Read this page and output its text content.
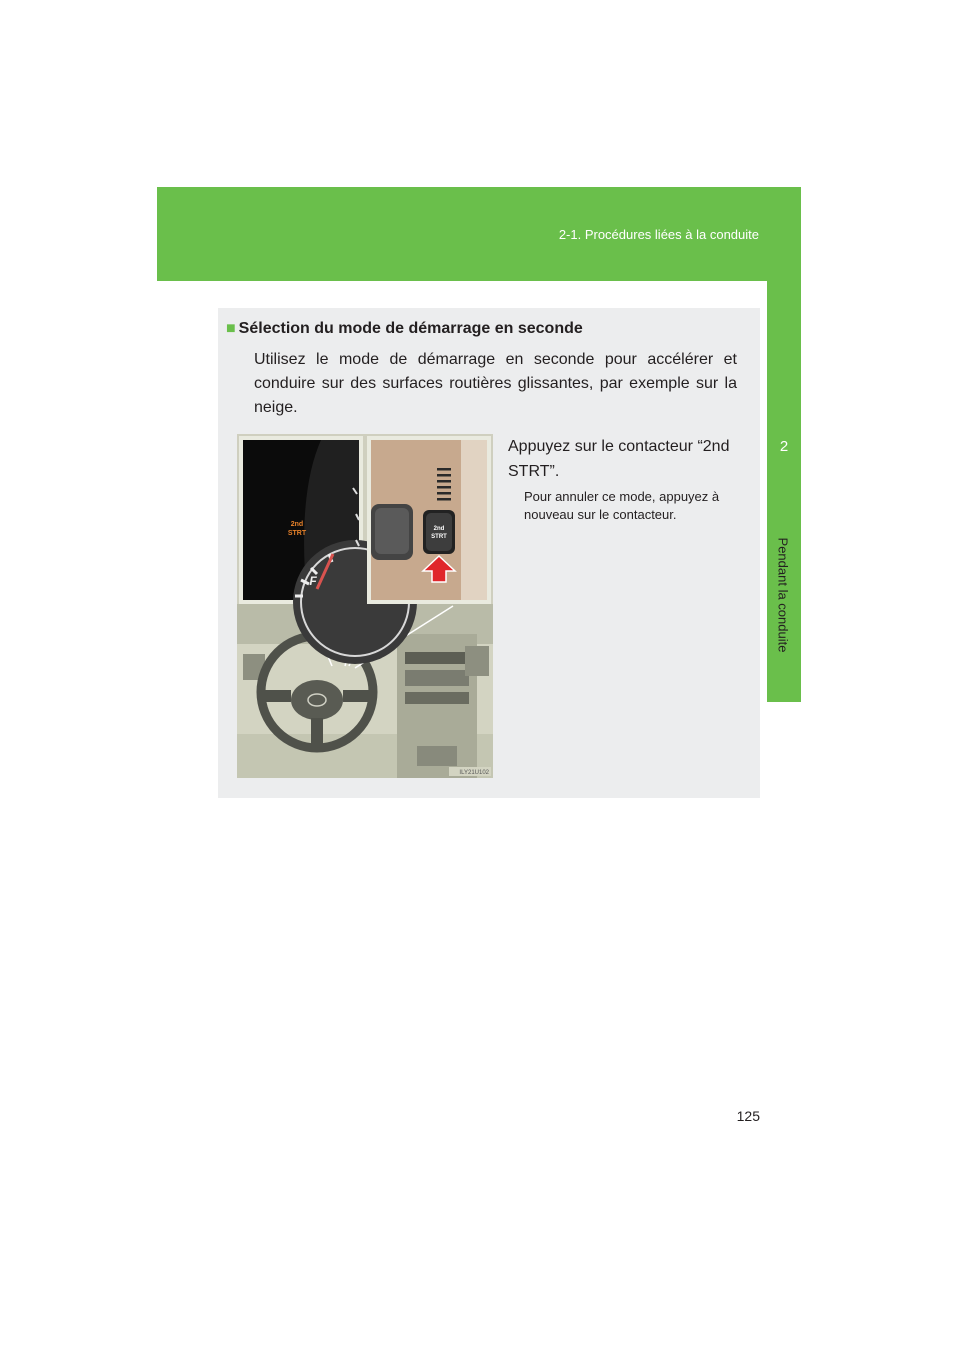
2-1. Procédures liées à la conduite
2
Pendant la conduite
■ Sélection du mode de démarrage en seconde
Utilisez le mode de démarrage en seconde pour accélérer et conduire sur des surfaces routières glissantes, par exemple sur la neige.
Appuyez sur le contacteur “2nd STRT”.
Pour annuler ce mode, appuyez à nouveau sur le contacteur.
2nd
STRT
F
2nd
STRT
ILY21U102
125
